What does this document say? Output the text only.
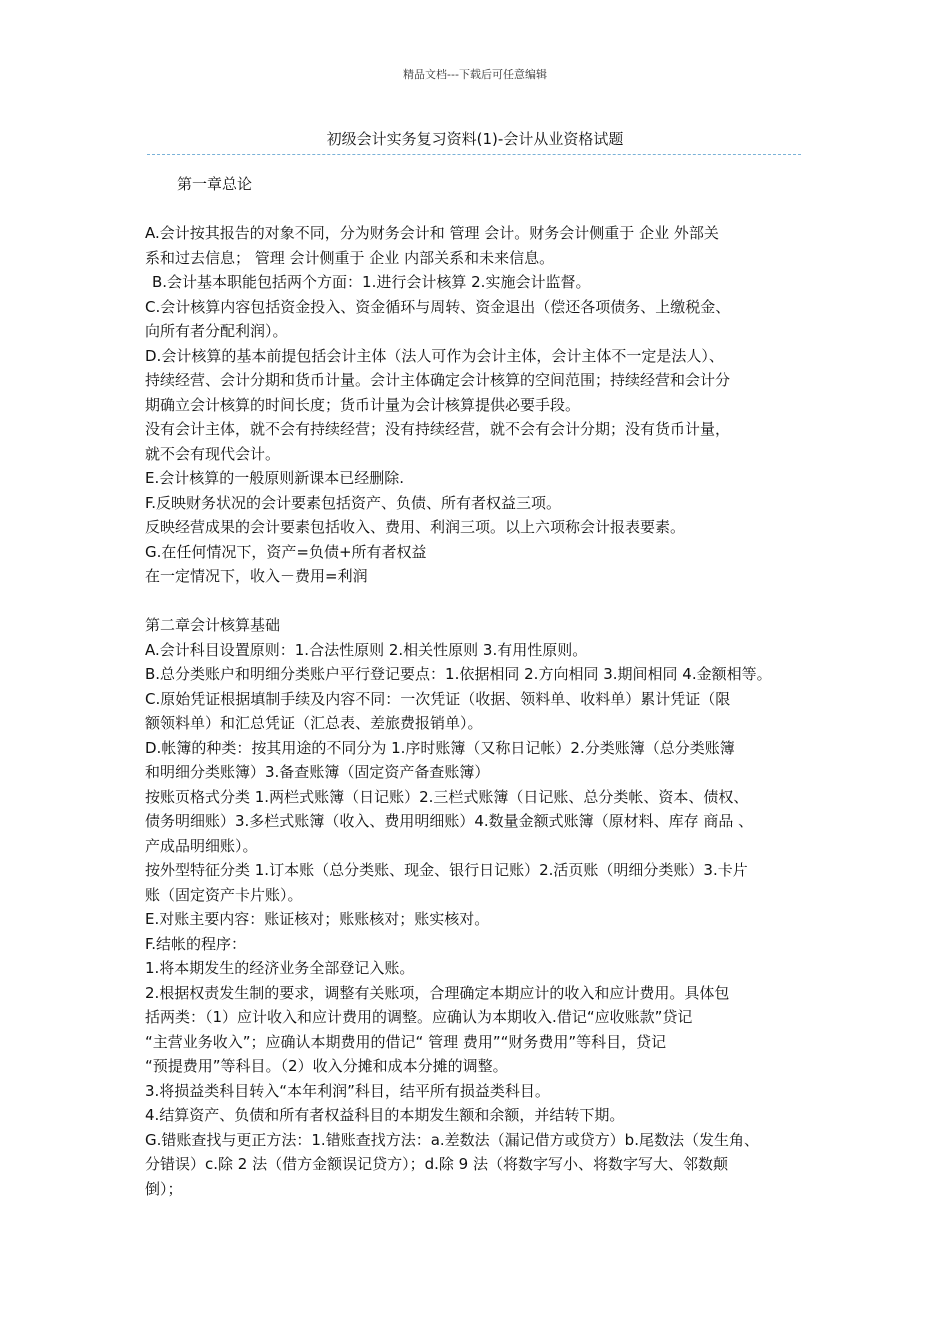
精品文档---下载后可任意编辑
初级会计实务复习资料(1)-会计从业资格试题
第一章总论
A.会计按其报告的对象不同，分为财务会计和 管理 会计。财务会计侧重于 企业 外部关
系和过去信息； 管理 会计侧重于 企业 内部关系和未来信息。
B.会计基本职能包括两个方面：1.进行会计核算 2.实施会计监督。
C.会计核算内容包括资金投入、资金循环与周转、资金退出（偿还各项债务、上缴税金、
向所有者分配利润）。
D.会计核算的基本前提包括会计主体（法人可作为会计主体，会计主体不一定是法人）、
持续经营、会计分期和货币计量。会计主体确定会计核算的空间范围；持续经营和会计分
期确立会计核算的时间长度；货币计量为会计核算提供必要手段。
没有会计主体，就不会有持续经营；没有持续经营，就不会有会计分期；没有货币计量，
就不会有现代会计。
E.会计核算的一般原则新课本已经删除.
F.反映财务状况的会计要素包括资产、负债、所有者权益三项。
反映经营成果的会计要素包括收入、费用、利润三项。以上六项称会计报表要素。
G.在任何情况下，资产=负债+所有者权益
在一定情况下，收入－费用=利润
第二章会计核算基础
A.会计科目设置原则：1.合法性原则 2.相关性原则 3.有用性原则。
B.总分类账户和明细分类账户平行登记要点：1.依据相同 2.方向相同 3.期间相同 4.金额相等。
C.原始凭证根据填制手续及内容不同：一次凭证（收据、领料单、收料单）累计凭证（限
额领料单）和汇总凭证（汇总表、差旅费报销单）。
D.帐簿的种类：按其用途的不同分为 1.序时账簿（又称日记帐）2.分类账簿（总分类账簿
和明细分类账簿）3.备查账簿（固定资产备查账簿）
按账页格式分类 1.两栏式账簿（日记账）2.三栏式账簿（日记账、总分类帐、资本、债权、
债务明细账）3.多栏式账簿（收入、费用明细账）4.数量金额式账簿（原材料、库存 商品 、
产成品明细账）。
按外型特征分类 1.订本账（总分类账、现金、银行日记账）2.活页账（明细分类账）3.卡片
账（固定资产卡片账）。
E.对账主要内容：账证核对；账账核对；账实核对。
F.结帐的程序：
1.将本期发生的经济业务全部登记入账。
2.根据权责发生制的要求，调整有关账项，合理确定本期应计的收入和应计费用。具体包
括两类：（1）应计收入和应计费用的调整。应确认为本期收入.借记“应收账款”贷记
“主营业务收入”；应确认本期费用的借记“ 管理 费用”“财务费用”等科目，贷记
“预提费用”等科目。（2）收入分摊和成本分摊的调整。
3.将损益类科目转入“本年利润”科目，结平所有损益类科目。
4.结算资产、负债和所有者权益科目的本期发生额和余额，并结转下期。
G.错账查找与更正方法：1.错账查找方法：a.差数法（漏记借方或贷方）b.尾数法（发生角、
分错误）c.除 2 法（借方金额误记贷方）；d.除 9 法（将数字写小、将数字写大、邻数颠
倒）；
